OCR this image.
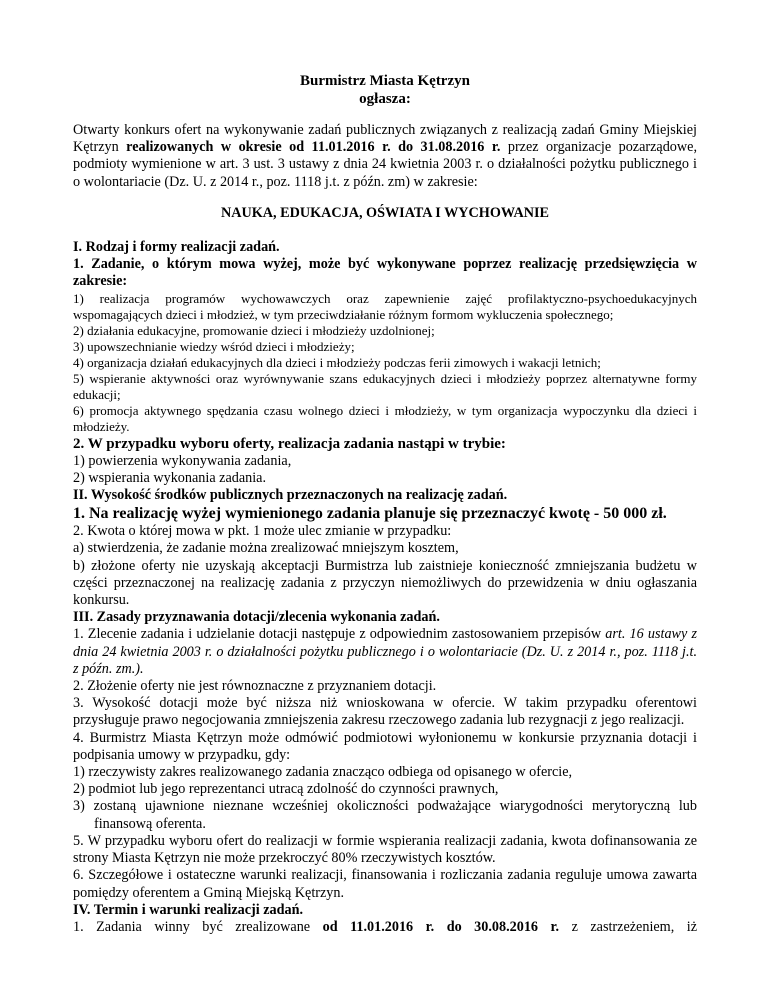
Burmistrz Miasta Kętrzyn
ogłasza:
Otwarty konkurs ofert na wykonywanie zadań publicznych związanych z realizacją zadań Gminy Miejskiej Kętrzyn realizowanych w okresie od 11.01.2016 r. do 31.08.2016 r. przez organizacje pozarządowe, podmioty wymienione w art. 3 ust. 3 ustawy z dnia 24 kwietnia 2003 r. o działalności pożytku publicznego i o wolontariacie (Dz. U. z 2014 r., poz. 1118 j.t. z późn. zm) w zakresie:
NAUKA, EDUKACJA, OŚWIATA I WYCHOWANIE
I. Rodzaj i formy realizacji zadań.
1. Zadanie, o którym mowa wyżej, może być wykonywane poprzez realizację przedsięwzięcia w zakresie:
1) realizacja programów wychowawczych oraz zapewnienie zajęć profilaktyczno-psychoedukacyjnych wspomagających dzieci i młodzież, w tym przeciwdziałanie różnym formom wykluczenia społecznego;
2) działania edukacyjne, promowanie dzieci i młodzieży uzdolnionej;
3) upowszechnianie wiedzy wśród dzieci i młodzieży;
4) organizacja działań edukacyjnych dla dzieci i młodzieży podczas ferii zimowych i wakacji letnich;
5) wspieranie aktywności oraz wyrównywanie szans edukacyjnych dzieci i młodzieży poprzez alternatywne formy edukacji;
6) promocja aktywnego spędzania czasu wolnego dzieci i młodzieży, w tym organizacja wypoczynku dla dzieci i młodzieży.
2. W przypadku wyboru oferty, realizacja zadania nastąpi w trybie:
1) powierzenia wykonywania zadania,
2) wspierania wykonania zadania.
II. Wysokość środków publicznych przeznaczonych na realizację zadań.
1. Na realizację wyżej wymienionego zadania planuje się przeznaczyć kwotę - 50 000 zł.
2. Kwota o której mowa w pkt. 1 może ulec zmianie w przypadku:
a) stwierdzenia, że zadanie można zrealizować mniejszym kosztem,
b) złożone oferty nie uzyskają akceptacji Burmistrza lub zaistnieje konieczność zmniejszania budżetu w części przeznaczonej na realizację zadania z przyczyn niemożliwych do przewidzenia w dniu ogłaszania konkursu.
III. Zasady przyznawania dotacji/zlecenia wykonania zadań.
1. Zlecenie zadania i udzielanie dotacji następuje z odpowiednim zastosowaniem przepisów art. 16 ustawy z dnia 24 kwietnia 2003 r. o działalności pożytku publicznego i o wolontariacie (Dz. U. z 2014 r., poz. 1118 j.t. z późn. zm.).
2. Złożenie oferty nie jest równoznaczne z przyznaniem dotacji.
3. Wysokość dotacji może być niższa niż wnioskowana w ofercie. W takim przypadku oferentowi przysługuje prawo negocjowania zmniejszenia zakresu rzeczowego zadania lub rezygnacji z jego realizacji.
4. Burmistrz Miasta Kętrzyn może odmówić podmiotowi wyłonionemu w konkursie przyznania dotacji i podpisania umowy w przypadku, gdy:
1) rzeczywisty zakres realizowanego zadania znacząco odbiega od opisanego w ofercie,
2) podmiot lub jego reprezentanci utracą zdolność do czynności prawnych,
3) zostaną ujawnione nieznane wcześniej okoliczności podważające wiarygodności merytoryczną lub finansową oferenta.
5. W przypadku wyboru ofert do realizacji w formie wspierania realizacji zadania, kwota dofinansowania ze strony Miasta Kętrzyn nie może przekroczyć 80% rzeczywistych kosztów.
6. Szczegółowe i ostateczne warunki realizacji, finansowania i rozliczania zadania reguluje umowa zawarta pomiędzy oferentem a Gminą Miejską Kętrzyn.
IV. Termin i warunki realizacji zadań.
1. Zadania winny być zrealizowane od 11.01.2016 r. do 30.08.2016 r. z zastrzeżeniem, iż
